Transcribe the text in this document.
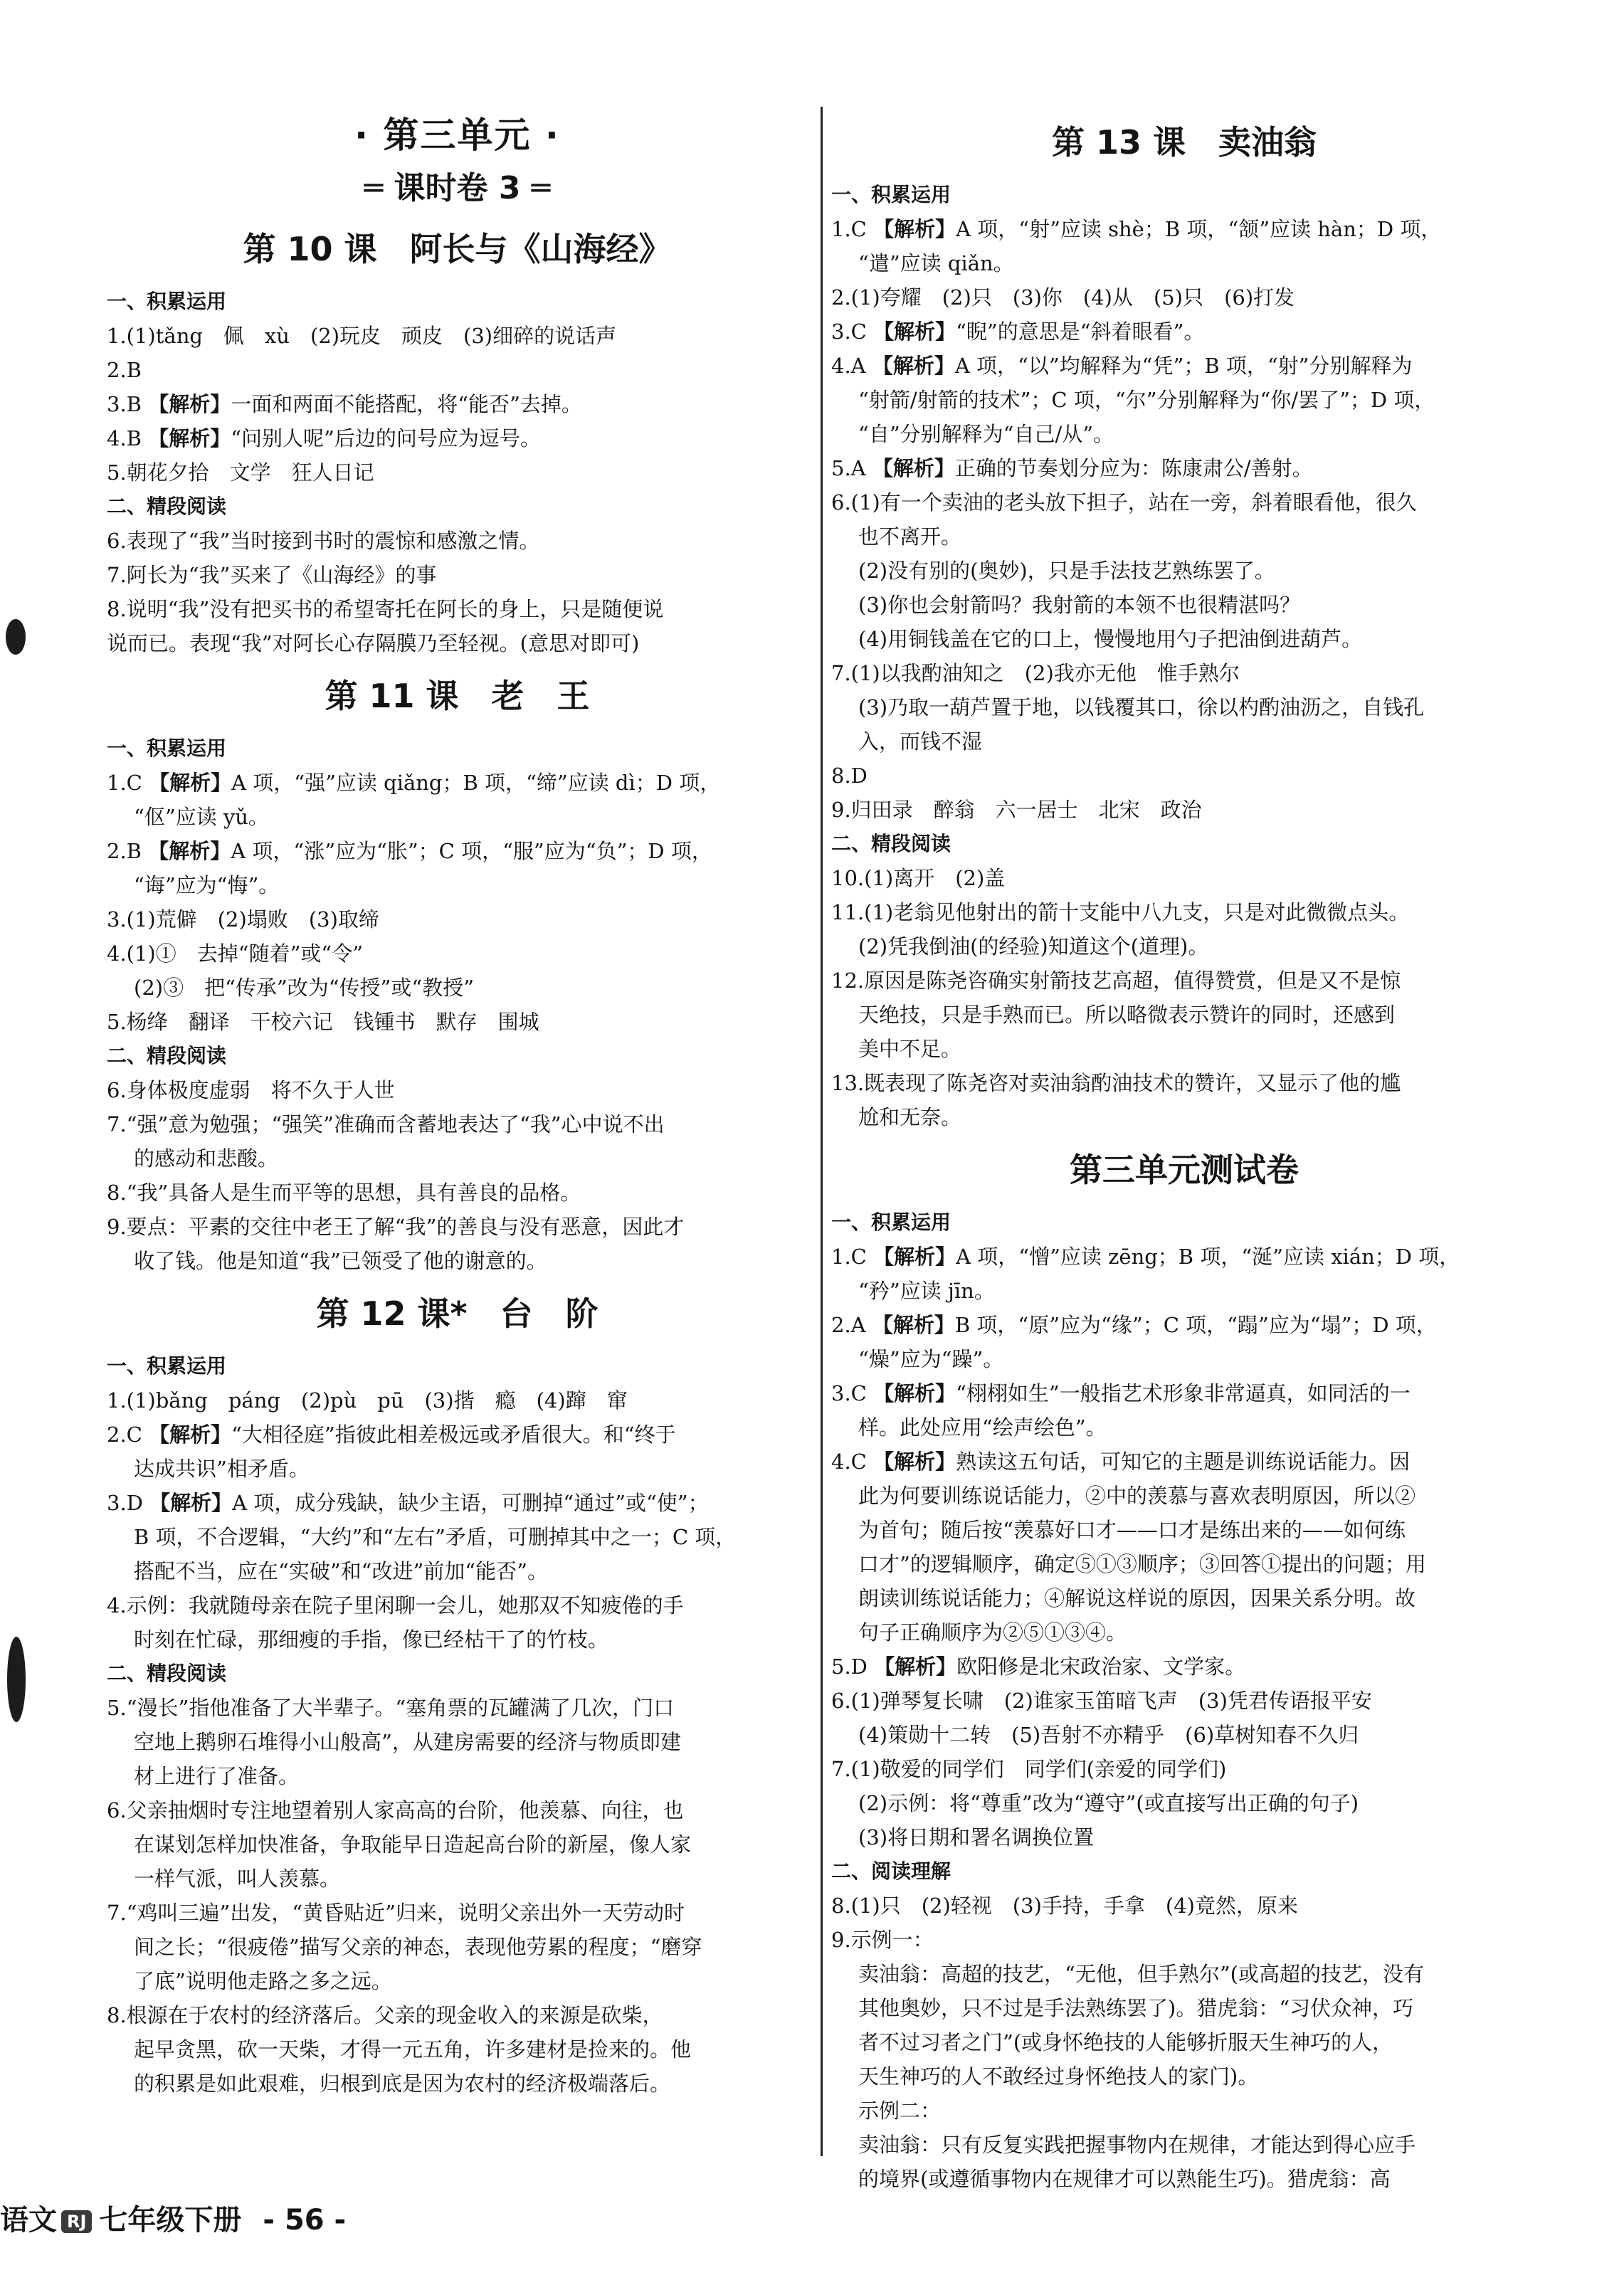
· 第三单元 ·
═ 课时卷 3 ═
第 10 课　阿长与《山海经》
一、积累运用
1.(1)tǎng　佩　xù　(2)玩皮　顽皮　(3)细碎的说话声
2.B
3.B 【解析】一面和两面不能搭配，将“能否”去掉。
4.B 【解析】“问别人呢”后边的问号应为逗号。
5.朝花夕拾　文学　狂人日记
二、精段阅读
6.表现了“我”当时接到书时的震惊和感激之情。
7.阿长为“我”买来了《山海经》的事
8.说明“我”没有把买书的希望寄托在阿长的身上，只是随便说
说而已。表现“我”对阿长心存隔膜乃至轻视。(意思对即可)
第 11 课　老　王
一、积累运用
1.C 【解析】A 项，“强”应读 qiǎng；B 项，“缔”应读 dì；D 项，
“伛”应读 yǔ。
2.B 【解析】A 项，“涨”应为“胀”；C 项，“服”应为“负”；D 项，
“诲”应为“悔”。
3.(1)荒僻　(2)塌败　(3)取缔
4.(1)①　去掉“随着”或“令”
(2)③　把“传承”改为“传授”或“教授”
5.杨绛　翻译　干校六记　钱锺书　默存　围城
二、精段阅读
6.身体极度虚弱　将不久于人世
7.“强”意为勉强；“强笑”准确而含蓄地表达了“我”心中说不出
的感动和悲酸。
8.“我”具备人是生而平等的思想，具有善良的品格。
9.要点：平素的交往中老王了解“我”的善良与没有恶意，因此才
收了钱。他是知道“我”已领受了他的谢意的。
第 12 课*　台　阶
一、积累运用
1.(1)bǎng　páng　(2)pù　pū　(3)揩　瘾　(4)蹿　窜
2.C 【解析】“大相径庭”指彼此相差极远或矛盾很大。和“终于
达成共识”相矛盾。
3.D 【解析】A 项，成分残缺，缺少主语，可删掉“通过”或“使”；
B 项，不合逻辑，“大约”和“左右”矛盾，可删掉其中之一；C 项，
搭配不当，应在“实破”和“改进”前加“能否”。
4.示例：我就随母亲在院子里闲聊一会儿，她那双不知疲倦的手
时刻在忙碌，那细瘦的手指，像已经枯干了的竹枝。
二、精段阅读
5.“漫长”指他准备了大半辈子。“塞角票的瓦罐满了几次，门口
空地上鹅卵石堆得小山般高”，从建房需要的经济与物质即建
材上进行了准备。
6.父亲抽烟时专注地望着别人家高高的台阶，他羡慕、向往，也
在谋划怎样加快准备，争取能早日造起高台阶的新屋，像人家
一样气派，叫人羡慕。
7.“鸡叫三遍”出发，“黄昏贴近”归来，说明父亲出外一天劳动时
间之长；“很疲倦”描写父亲的神态，表现他劳累的程度；“磨穿
了底”说明他走路之多之远。
8.根源在于农村的经济落后。父亲的现金收入的来源是砍柴，
起早贪黑，砍一天柴，才得一元五角，许多建材是捡来的。他
的积累是如此艰难，归根到底是因为农村的经济极端落后。
第 13 课　卖油翁
一、积累运用
1.C 【解析】A 项，“射”应读 shè；B 项，“颔”应读 hàn；D 项，
“遣”应读 qiǎn。
2.(1)夸耀　(2)只　(3)你　(4)从　(5)只　(6)打发
3.C 【解析】“睨”的意思是“斜着眼看”。
4.A 【解析】A 项，“以”均解释为“凭”；B 项，“射”分别解释为
“射箭/射箭的技术”；C 项，“尔”分别解释为“你/罢了”；D 项，
“自”分别解释为“自己/从”。
5.A 【解析】正确的节奏划分应为：陈康肃公/善射。
6.(1)有一个卖油的老头放下担子，站在一旁，斜着眼看他，很久
也不离开。
(2)没有别的(奥妙)，只是手法技艺熟练罢了。
(3)你也会射箭吗？我射箭的本领不也很精湛吗？
(4)用铜钱盖在它的口上，慢慢地用勺子把油倒进葫芦。
7.(1)以我酌油知之　(2)我亦无他　惟手熟尔
(3)乃取一葫芦置于地，以钱覆其口，徐以杓酌油沥之，自钱孔
入，而钱不湿
8.D
9.归田录　醉翁　六一居士　北宋　政治
二、精段阅读
10.(1)离开　(2)盖
11.(1)老翁见他射出的箭十支能中八九支，只是对此微微点头。
(2)凭我倒油(的经验)知道这个(道理)。
12.原因是陈尧咨确实射箭技艺高超，值得赞赏，但是又不是惊
天绝技，只是手熟而已。所以略微表示赞许的同时，还感到
美中不足。
13.既表现了陈尧咨对卖油翁酌油技术的赞许，又显示了他的尴
尬和无奈。
第三单元测试卷
一、积累运用
1.C 【解析】A 项，“憎”应读 zēng；B 项，“涎”应读 xián；D 项，
“矜”应读 jīn。
2.A 【解析】B 项，“原”应为“缘”；C 项，“蹋”应为“塌”；D 项，
“燥”应为“躁”。
3.C 【解析】“栩栩如生”一般指艺术形象非常逼真，如同活的一
样。此处应用“绘声绘色”。
4.C 【解析】熟读这五句话，可知它的主题是训练说话能力。因
此为何要训练说话能力，②中的羡慕与喜欢表明原因，所以②
为首句；随后按“羡慕好口才——口才是练出来的——如何练
口才”的逻辑顺序，确定⑤①③顺序；③回答①提出的问题；用
朗读训练说话能力；④解说这样说的原因，因果关系分明。故
句子正确顺序为②⑤①③④。
5.D 【解析】欧阳修是北宋政治家、文学家。
6.(1)弹琴复长啸　(2)谁家玉笛暗飞声　(3)凭君传语报平安
(4)策勋十二转　(5)吾射不亦精乎　(6)草树知春不久归
7.(1)敬爱的同学们　同学们(亲爱的同学们)
(2)示例：将“尊重”改为“遵守”(或直接写出正确的句子)
(3)将日期和署名调换位置
二、阅读理解
8.(1)只　(2)轻视　(3)手持，手拿　(4)竟然，原来
9.示例一：
卖油翁：高超的技艺，“无他，但手熟尔”(或高超的技艺，没有
其他奥妙，只不过是手法熟练罢了)。猎虎翁：“习伏众神，巧
者不过习者之门”(或身怀绝技的人能够折服天生神巧的人，
天生神巧的人不敢经过身怀绝技人的家门)。
示例二：
卖油翁：只有反复实践把握事物内在规律，才能达到得心应手
的境界(或遵循事物内在规律才可以熟能生巧)。猎虎翁：高
语文 RJ 七年级下册 - 56 -
